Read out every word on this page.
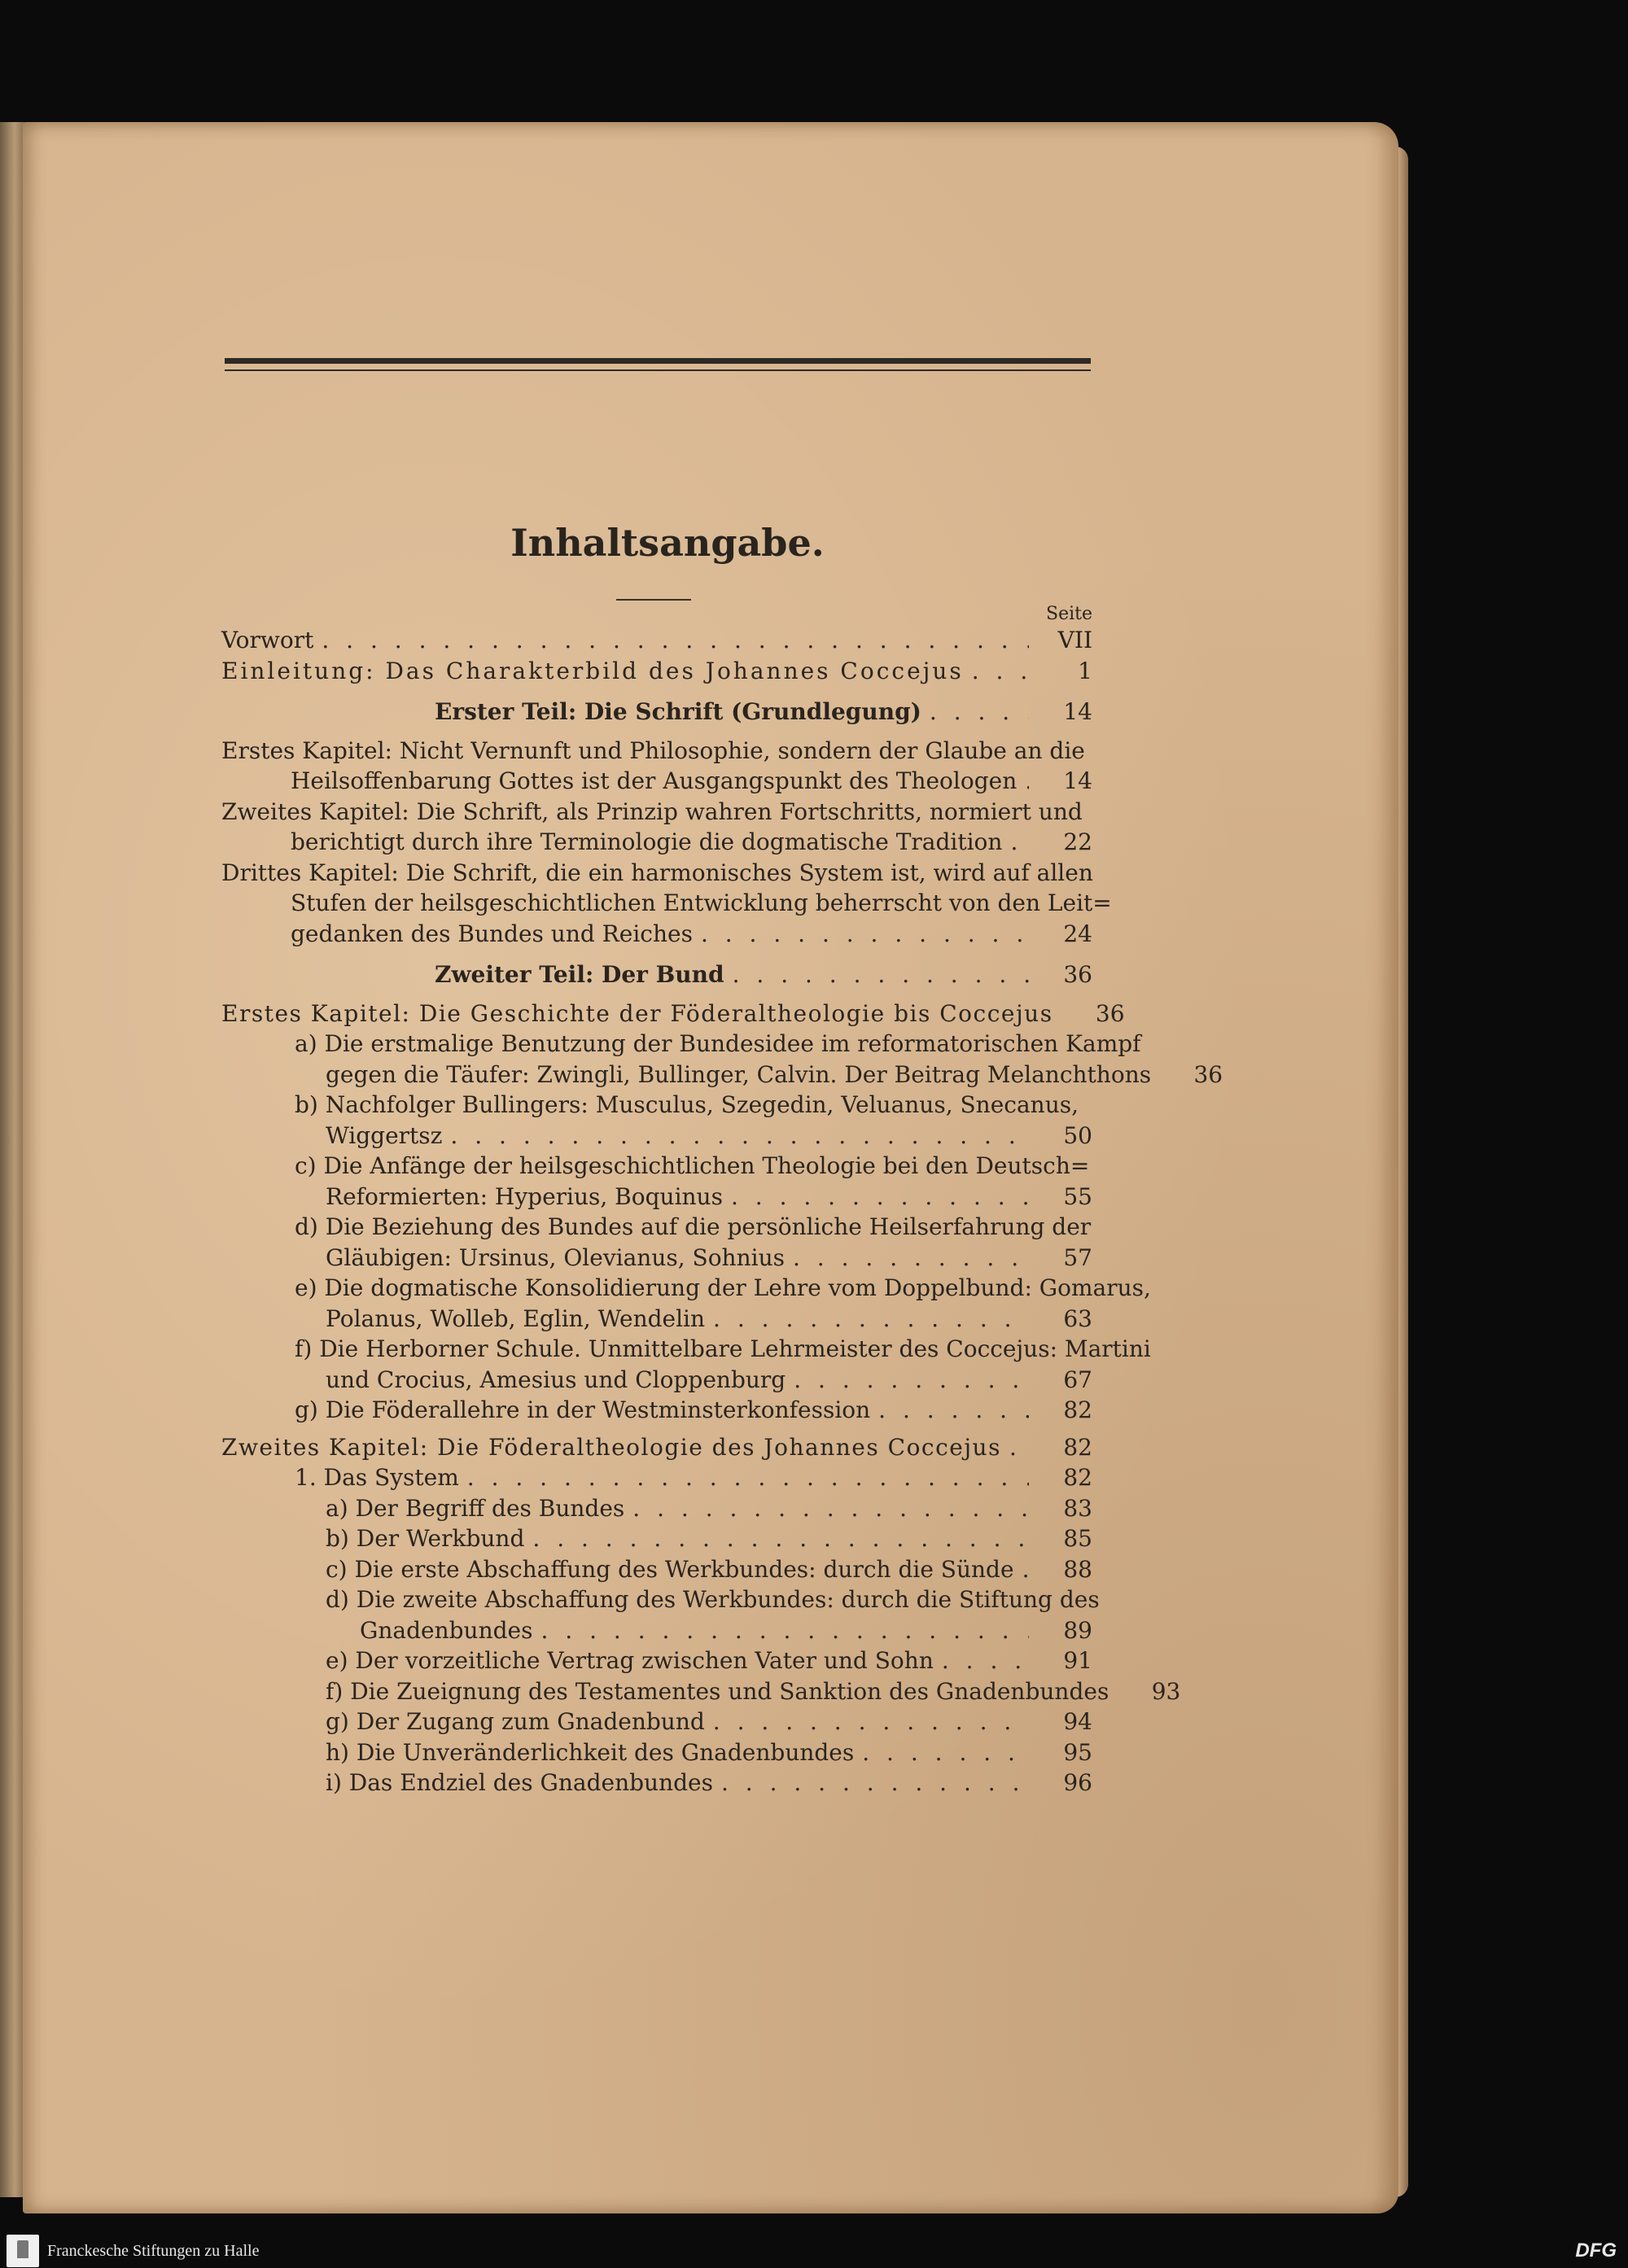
Inhaltsangabe.
Seite
Vorwort . . .	VII
Einleitung: Das Charakterbild des Johannes Coccejus . . .	1
Erster Teil: Die Schrift (Grundlegung) . . .	14
Erstes Kapitel: Nicht Vernunft und Philosophie, sondern der Glaube an die
Heilsoffenbarung Gottes ist der Ausgangspunkt des Theologen . . .	14
Zweites Kapitel: Die Schrift, als Prinzip wahren Fortschritts, normiert und
berichtigt durch ihre Terminologie die dogmatische Tradition . . .	22
Drittes Kapitel: Die Schrift, die ein harmonisches System ist, wird auf allen
Stufen der heilsgeschichtlichen Entwicklung beherrscht von den Leit=
gedanken des Bundes und Reiches . . .	24
Zweiter Teil: Der Bund . . .	36
Erstes Kapitel: Die Geschichte der Föderaltheologie bis Coccejus	36
a) Die erstmalige Benutzung der Bundesidee im reformatorischen Kampf
gegen die Täufer: Zwingli, Bullinger, Calvin. Der Beitrag Melanchthons	36
b) Nachfolger Bullingers: Musculus, Szegedin, Veluanus, Snecanus,
Wiggertsz . . .	50
c) Die Anfänge der heilsgeschichtlichen Theologie bei den Deutsch=
Reformierten: Hyperius, Boquinus . . .	55
d) Die Beziehung des Bundes auf die persönliche Heilserfahrung der
Gläubigen: Ursinus, Olevianus, Sohnius . . .	57
e) Die dogmatische Konsolidierung der Lehre vom Doppelbund: Gomarus,
Polanus, Wolleb, Eglin, Wendelin . . .	63
f) Die Herborner Schule. Unmittelbare Lehrmeister des Coccejus: Martini
und Crocius, Amesius und Cloppenburg . . .	67
g) Die Föderallehre in der Westminsterkonfession . . .	82
Zweites Kapitel: Die Föderaltheologie des Johannes Coccejus . . .	82
1. Das System . . .	82
a) Der Begriff des Bundes . . .	83
b) Der Werkbund . . .	85
c) Die erste Abschaffung des Werkbundes: durch die Sünde . . .	88
d) Die zweite Abschaffung des Werkbundes: durch die Stiftung des
Gnadenbundes . . .	89
e) Der vorzeitliche Vertrag zwischen Vater und Sohn . . .	91
f) Die Zueignung des Testamentes und Sanktion des Gnadenbundes	93
g) Der Zugang zum Gnadenbund . . .	94
h) Die Unveränderlichkeit des Gnadenbundes . . .	95
i) Das Endziel des Gnadenbundes . . .	96
Franckesche Stiftungen zu Halle	DFG
